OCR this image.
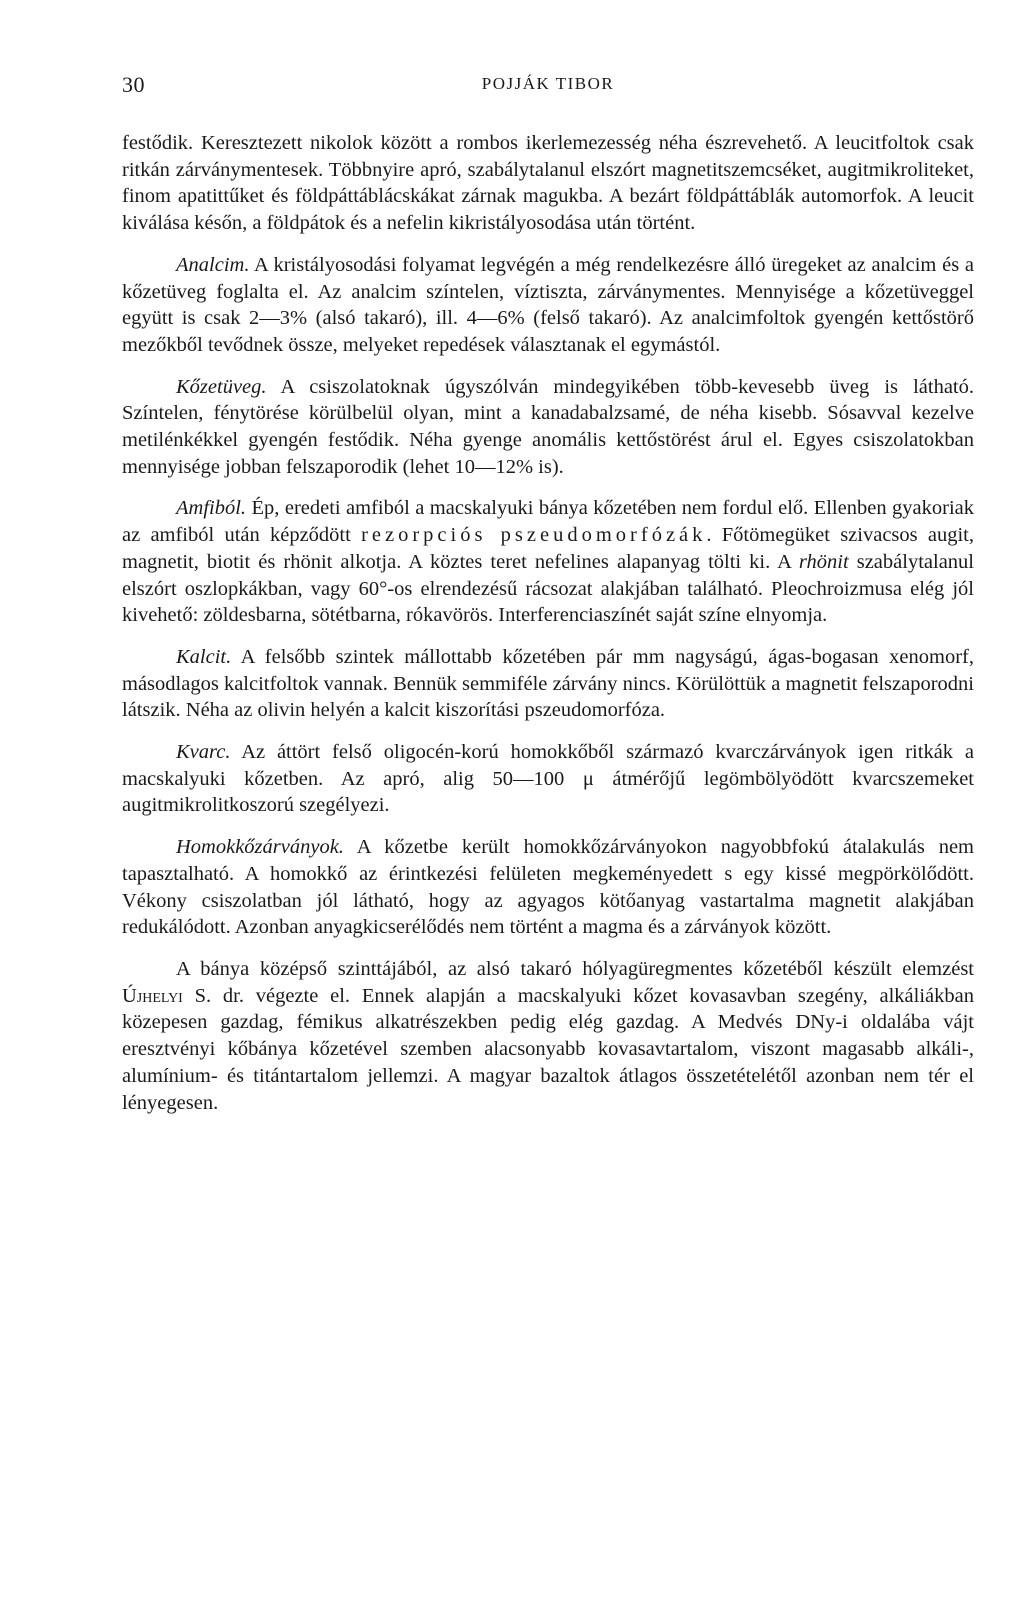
30	POJJÁK TIBOR

festődik. Keresztezett nikolok között a rombos ikerlemezesség néha észrevehető. A leucitfoltok csak ritkán zárványmentesek. Többnyire apró, szabálytalanul elszórt magnetitszemcséket, augitmikroliteket, finom apatittűket és földpáttáblácskákat zárnak magukba. A bezárt földpáttáblák automorfok. A leucit kiválása későn, a földpátok és a nefelin kikristályosodása után történt.

Analcim. A kristályosodási folyamat legvégén a még rendelkezésre álló üregeket az analcim és a kőzetüveg foglalta el. Az analcim színtelen, víztiszta, zárványmentes. Mennyisége a kőzetüveggel együtt is csak 2—3% (alsó takaró), ill. 4—6% (felső takaró). Az analcimfoltok gyengén kettőstörő mezőkből tevődnek össze, melyeket repedések választanak el egymástól.

Kőzetüveg. A csiszolatoknak úgyszólván mindegyikében több-kevesebb üveg is látható. Színtelen, fénytörése körülbelül olyan, mint a kanadabalzsamé, de néha kisebb. Sósavval kezelve metilénkékkel gyengén festődik. Néha gyenge anomális kettőstörést árul el. Egyes csiszolatokban mennyisége jobban felszaporodik (lehet 10—12% is).

Amfiból. Ép, eredeti amfiból a macskalyuki bánya kőzetében nem fordul elő. Ellenben gyakoriak az amfiból után képződött rezorpciós pszeudomorfózák. Főtömegüket szivacsos augit, magnetit, biotit és rhönit alkotja. A köztes teret nefelines alapanyag tölti ki. A rhönit szabálytalanul elszórt oszlopkákban, vagy 60°-os elrendezésű rácsozat alakjában található. Pleochroizmusa elég jól kivehető: zöldesbarna, sötétbarna, rókavörös. Interferenciaszínét saját színe elnyomja.

Kalcit. A felsőbb szintek mállottabb kőzetében pár mm nagyságú, ágas-bogasan xenomorf, másodlagos kalcitfoltok vannak. Bennük semmiféle zárvány nincs. Körülöttük a magnetit felszaporodni látszik. Néha az olivin helyén a kalcit kiszorítási pszeudomorfóza.

Kvarc. Az áttört felső oligocén-korú homokkőből származó kvarczárványok igen ritkák a macskalyuki kőzetben. Az apró, alig 50—100 μ átmérőjű legömbölyödött kvarcszemeket augitmikrolitkoszorú szegélyezi.

Homokkőzárványok. A kőzetbe került homokkőzárványokon nagyobbfokú átalakulás nem tapasztalható. A homokkő az érintkezési felületen megkeményedett s egy kissé megpörkölődött. Vékony csiszolatban jól látható, hogy az agyagos kötőanyag vastartalma magnetit alakjában redukálódott. Azonban anyagkicserélődés nem történt a magma és a zárványok között.

A bánya középső szinttájából, az alsó takaró hólyagüregmentes kőzetéből készült elemzést Újhelyi S. dr. végezte el. Ennek alapján a macskalyuki kőzet kovasavban szegény, alkáliákban közepesen gazdag, fémikus alkatrészekben pedig elég gazdag. A Medvés DNy-i oldalába vájt eresztvényi kőbánya kőzetével szemben alacsonyabb kovasavtartalom, viszont magasabb alkáli-, alumínium- és titántartalom jellemzi. A magyar bazaltok átlagos összetételétől azonban nem tér el lényegesen.
